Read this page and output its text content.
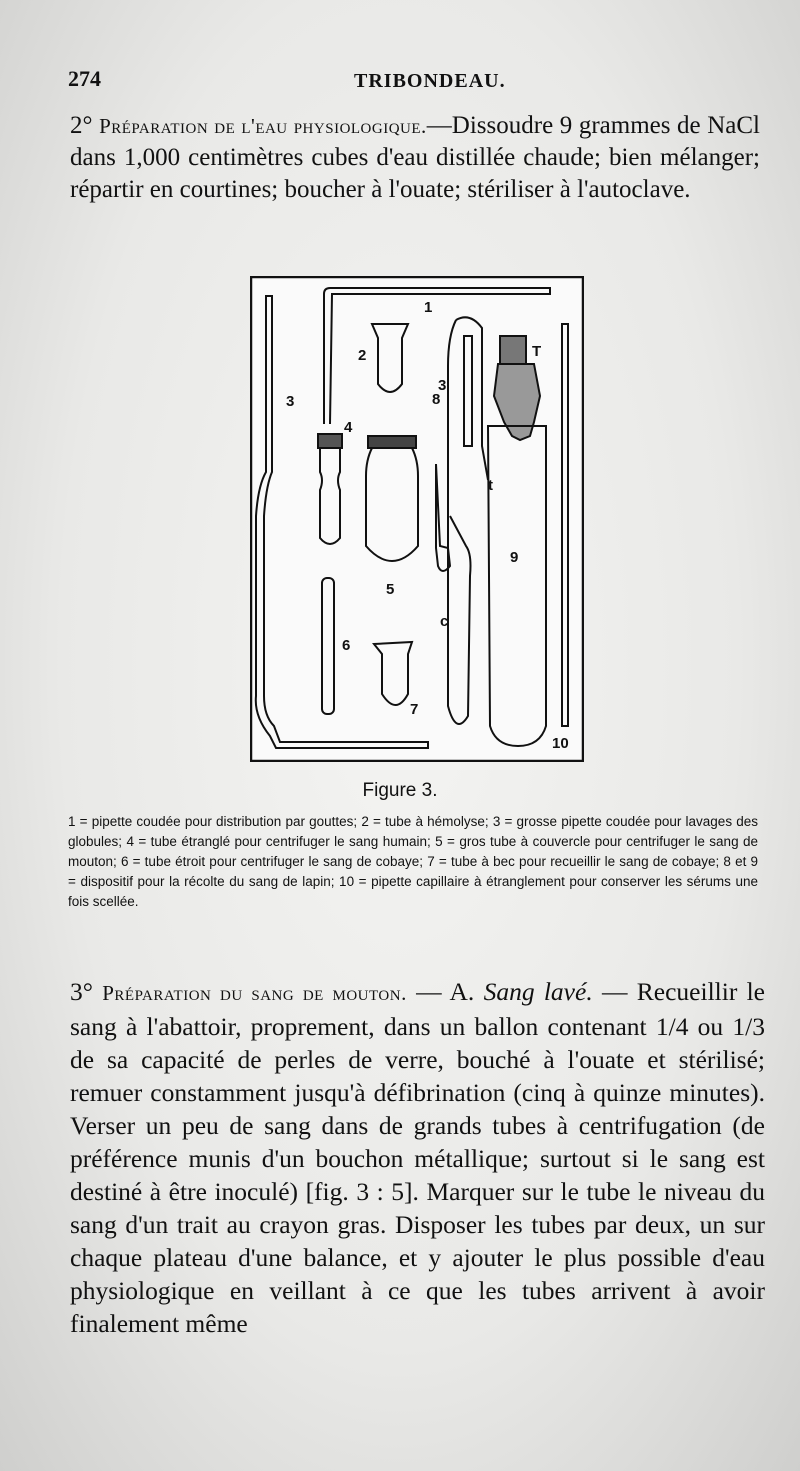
274	TRIBONDEAU.
2° Préparation de l'eau physiologique.—Dissoudre 9 grammes de NaCl dans 1,000 centimètres cubes d'eau distillée chaude; bien mélanger; répartir en courtines; boucher à l'ouate; stériliser à l'autoclave.
1
2
3
3
4
5
6
7
8
9
10
T
t
c
Figure 3.
1 = pipette coudée pour distribution par gouttes; 2 = tube à hémolyse; 3 = grosse pipette coudée pour lavages des globules; 4 = tube étranglé pour centrifuger le sang humain; 5 = gros tube à couvercle pour centrifuger le sang de mouton; 6 = tube étroit pour centrifuger le sang de cobaye; 7 = tube à bec pour recueillir le sang de cobaye; 8 et 9 = dispositif pour la récolte du sang de lapin; 10 = pipette capillaire à étranglement pour conserver les sérums une fois scellée.
3° Préparation du sang de mouton. — A. Sang lavé. — Recueillir le sang à l'abattoir, proprement, dans un ballon contenant 1/4 ou 1/3 de sa capacité de perles de verre, bouché à l'ouate et stérilisé; remuer constamment jusqu'à défibrination (cinq à quinze minutes). Verser un peu de sang dans de grands tubes à centrifugation (de préférence munis d'un bouchon métallique; surtout si le sang est destiné à être inoculé) [fig. 3 : 5]. Marquer sur le tube le niveau du sang d'un trait au crayon gras. Disposer les tubes par deux, un sur chaque plateau d'une balance, et y ajouter le plus possible d'eau physiologique en veillant à ce que les tubes arrivent à avoir finalement même
